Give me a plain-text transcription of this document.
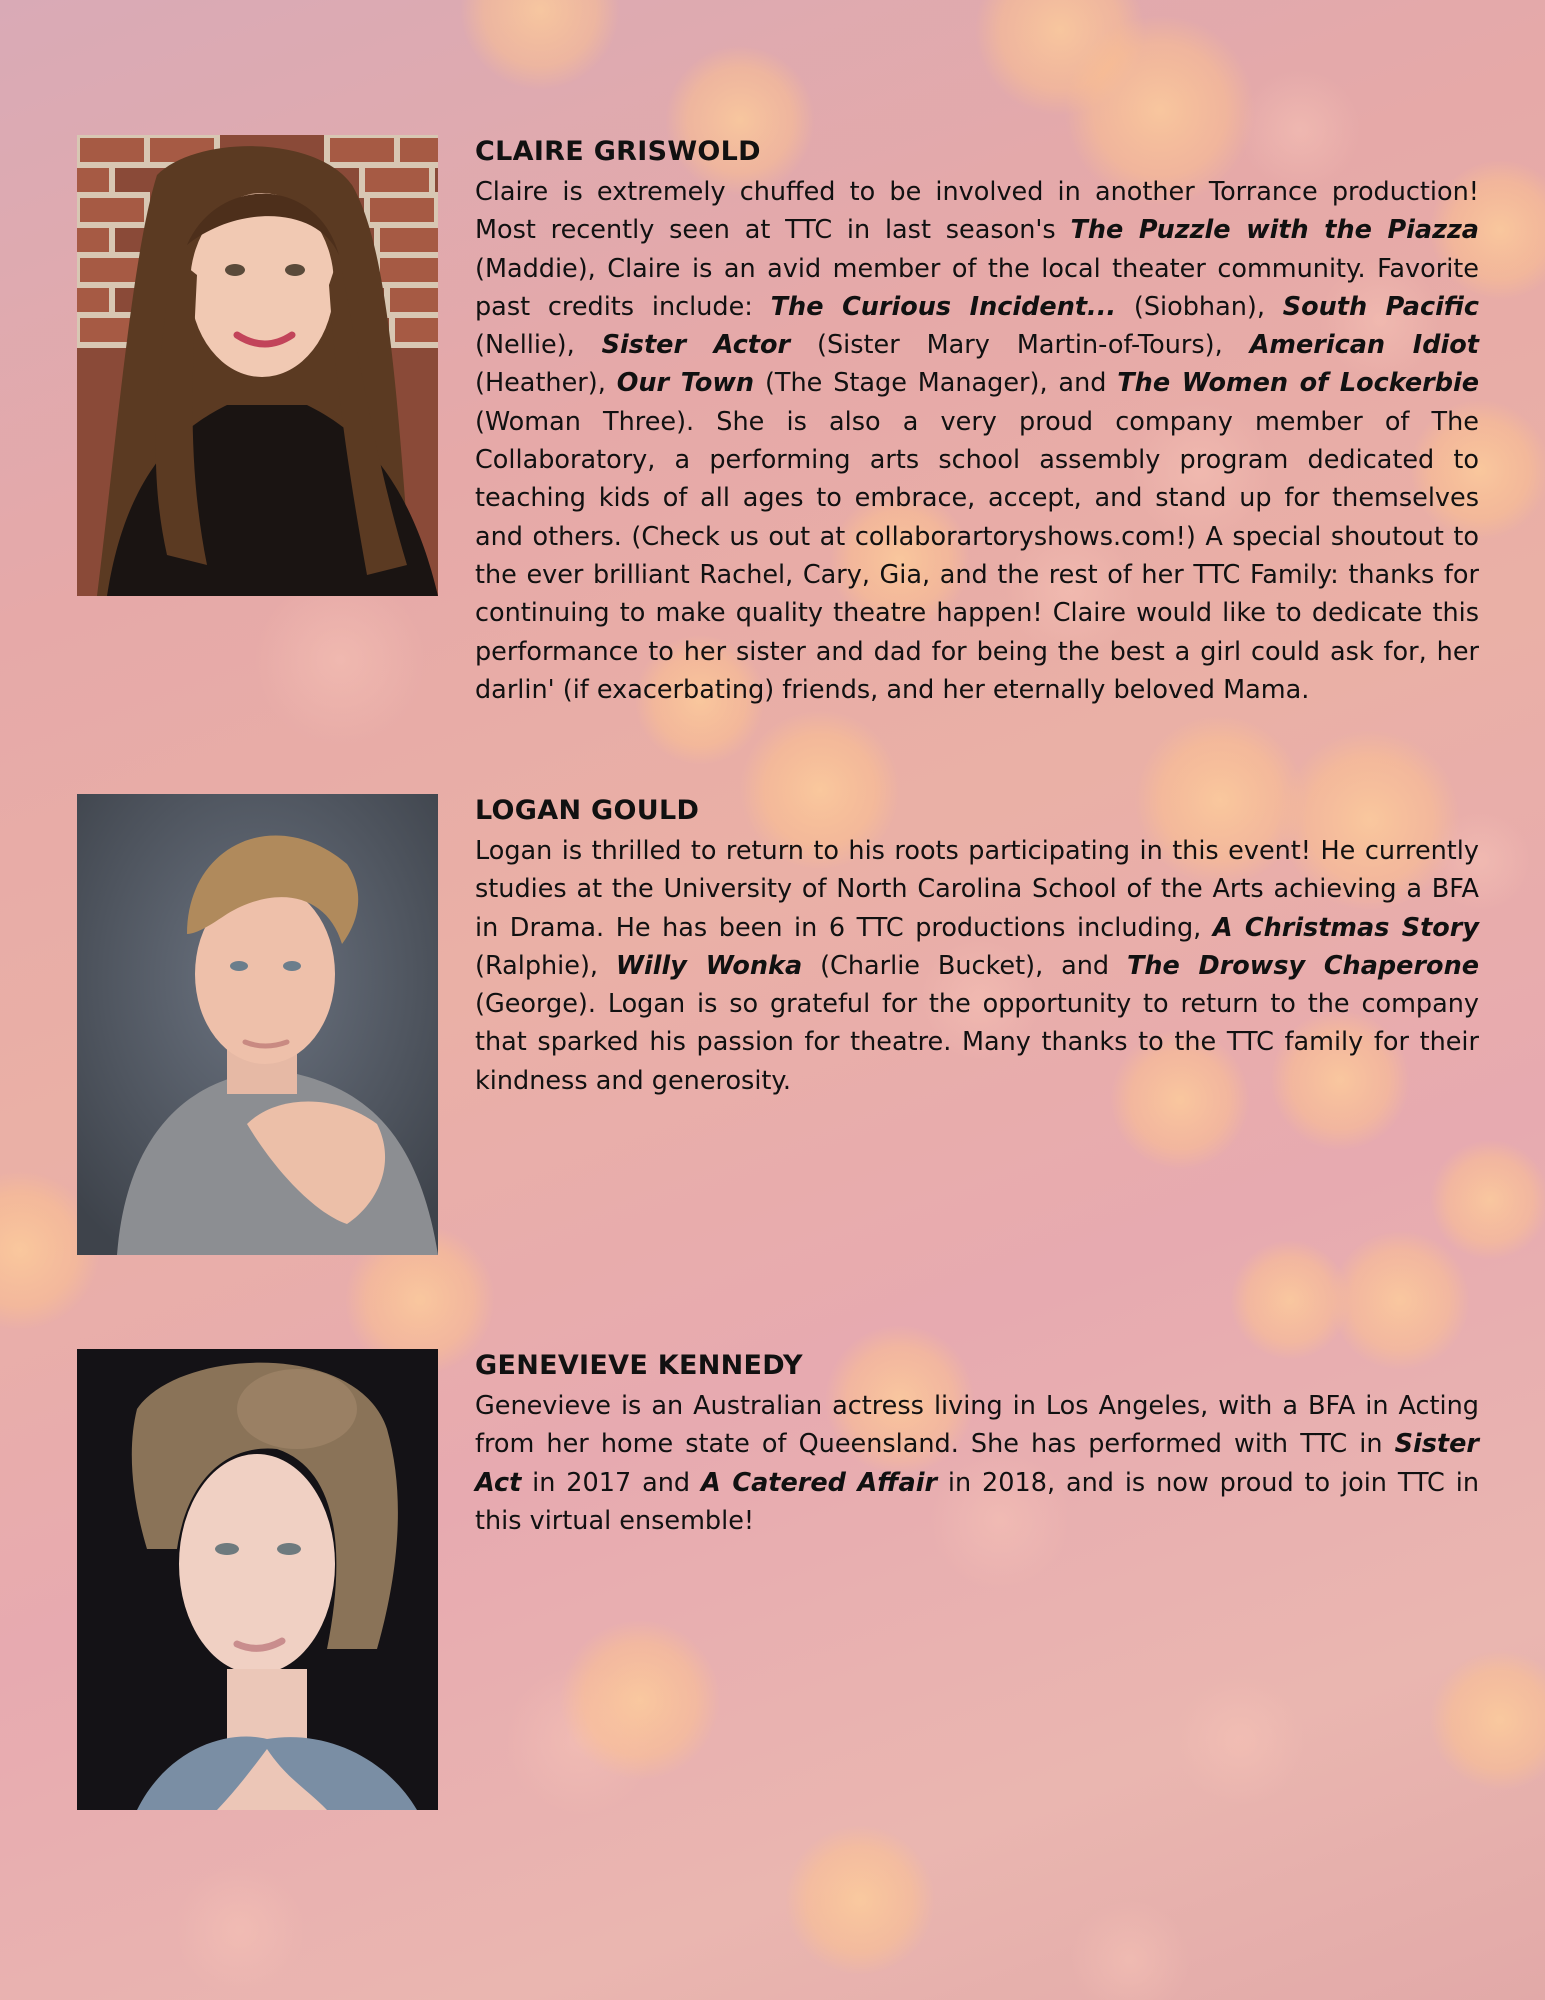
CLAIRE GRISWOLD

Claire is extremely chuffed to be involved in another Torrance production! Most recently seen at TTC in last season's The Puzzle with the Piazza (Maddie), Claire is an avid member of the local theater community. Favorite past credits include: The Curious Incident... (Siobhan), South Pacific (Nellie), Sister Actor (Sister Mary Martin-of-Tours), American Idiot (Heather), Our Town (The Stage Manager), and The Women of Lockerbie (Woman Three). She is also a very proud company member of The Collaboratory, a performing arts school assembly program dedicated to teaching kids of all ages to embrace, accept, and stand up for themselves and others. (Check us out at collaborartoryshows.com!) A special shoutout to the ever brilliant Rachel, Cary, Gia, and the rest of her TTC Family: thanks for continuing to make quality theatre happen! Claire would like to dedicate this performance to her sister and dad for being the best a girl could ask for, her darlin' (if exacerbating) friends, and her eternally beloved Mama.

LOGAN GOULD

Logan is thrilled to return to his roots participating in this event! He currently studies at the University of North Carolina School of the Arts achieving a BFA in Drama. He has been in 6 TTC productions including, A Christmas Story (Ralphie), Willy Wonka (Charlie Bucket), and The Drowsy Chaperone (George). Logan is so grateful for the opportunity to return to the company that sparked his passion for theatre. Many thanks to the TTC family for their kindness and generosity.

GENEVIEVE KENNEDY

Genevieve is an Australian actress living in Los Angeles, with a BFA in Acting from her home state of Queensland. She has performed with TTC in Sister Act in 2017 and A Catered Affair in 2018, and is now proud to join TTC in this virtual ensemble!
